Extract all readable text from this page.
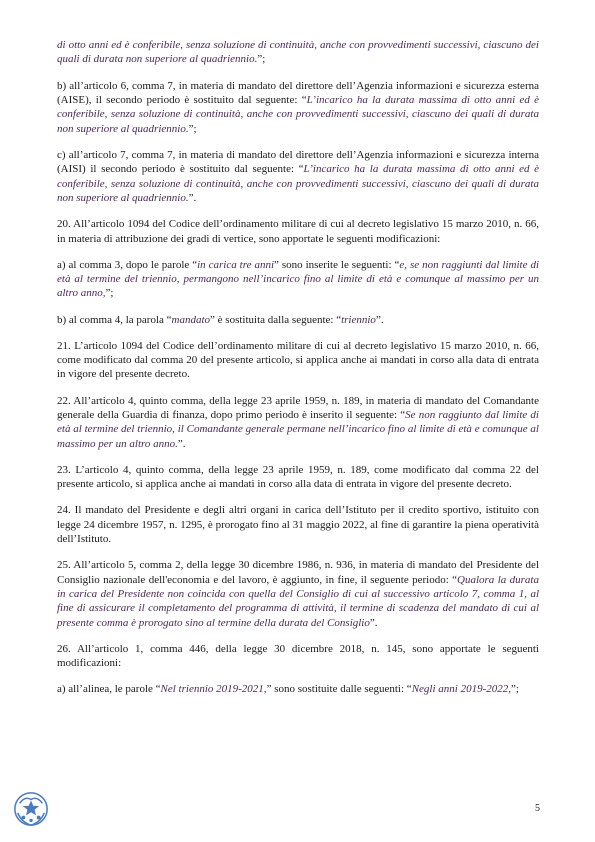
di otto anni ed è conferibile, senza soluzione di continuità, anche con provvedimenti successivi, ciascuno dei quali di durata non superiore al quadriennio.”;

b) all’articolo 6, comma 7, in materia di mandato del direttore dell’Agenzia informazioni e sicurezza esterna (AISE), il secondo periodo è sostituito dal seguente: “L’incarico ha la durata massima di otto anni ed è conferibile, senza soluzione di continuità, anche con provvedimenti successivi, ciascuno dei quali di durata non superiore al quadriennio.”;

c) all’articolo 7, comma 7, in materia di mandato del direttore dell’Agenzia informazioni e sicurezza interna (AISI) il secondo periodo è sostituito dal seguente: “L’incarico ha la durata massima di otto anni ed è conferibile, senza soluzione di continuità, anche con provvedimenti successivi, ciascuno dei quali di durata non superiore al quadriennio.”.

20. All’articolo 1094 del Codice dell’ordinamento militare di cui al decreto legislativo 15 marzo 2010, n. 66, in materia di attribuzione dei gradi di vertice, sono apportate le seguenti modificazioni:

a) al comma 3, dopo le parole “in carica tre anni” sono inserite le seguenti: “e, se non raggiunti dal limite di età al termine del triennio, permangono nell’incarico fino al limite di età e comunque al massimo per un altro anno,”;

b) al comma 4, la parola “mandato” è sostituita dalla seguente: “triennio”.

21. L’articolo 1094 del Codice dell’ordinamento militare di cui al decreto legislativo 15 marzo 2010, n. 66, come modificato dal comma 20 del presente articolo, si applica anche ai mandati in corso alla data di entrata in vigore del presente decreto.

22. All’articolo 4, quinto comma, della legge 23 aprile 1959, n. 189, in materia di mandato del Comandante generale della Guardia di finanza, dopo primo periodo è inserito il seguente: “Se non raggiunto dal limite di età al termine del triennio, il Comandante generale permane nell’incarico fino al limite di età e comunque al massimo per un altro anno.”.

23. L’articolo 4, quinto comma, della legge 23 aprile 1959, n. 189, come modificato dal comma 22 del presente articolo, si applica anche ai mandati in corso alla data di entrata in vigore del presente decreto.

24. Il mandato del Presidente e degli altri organi in carica dell’Istituto per il credito sportivo, istituito con legge 24 dicembre 1957, n. 1295, è prorogato fino al 31 maggio 2022, al fine di garantire la piena operatività dell’Istituto.

25. All’articolo 5, comma 2, della legge 30 dicembre 1986, n. 936, in materia di mandato del Presidente del Consiglio nazionale dell'economia e del lavoro, è aggiunto, in fine, il seguente periodo: “Qualora la durata in carica del Presidente non coincida con quella del Consiglio di cui al successivo articolo 7, comma 1, al fine di assicurare il completamento del programma di attività, il termine di scadenza del mandato di cui al presente comma è prorogato sino al termine della durata del Consiglio”.

26. All’articolo 1, comma 446, della legge 30 dicembre 2018, n. 145, sono apportate le seguenti modificazioni:

a) all’alinea, le parole “Nel triennio 2019-2021,” sono sostituite dalle seguenti: “Negli anni 2019-2022,”;

5
